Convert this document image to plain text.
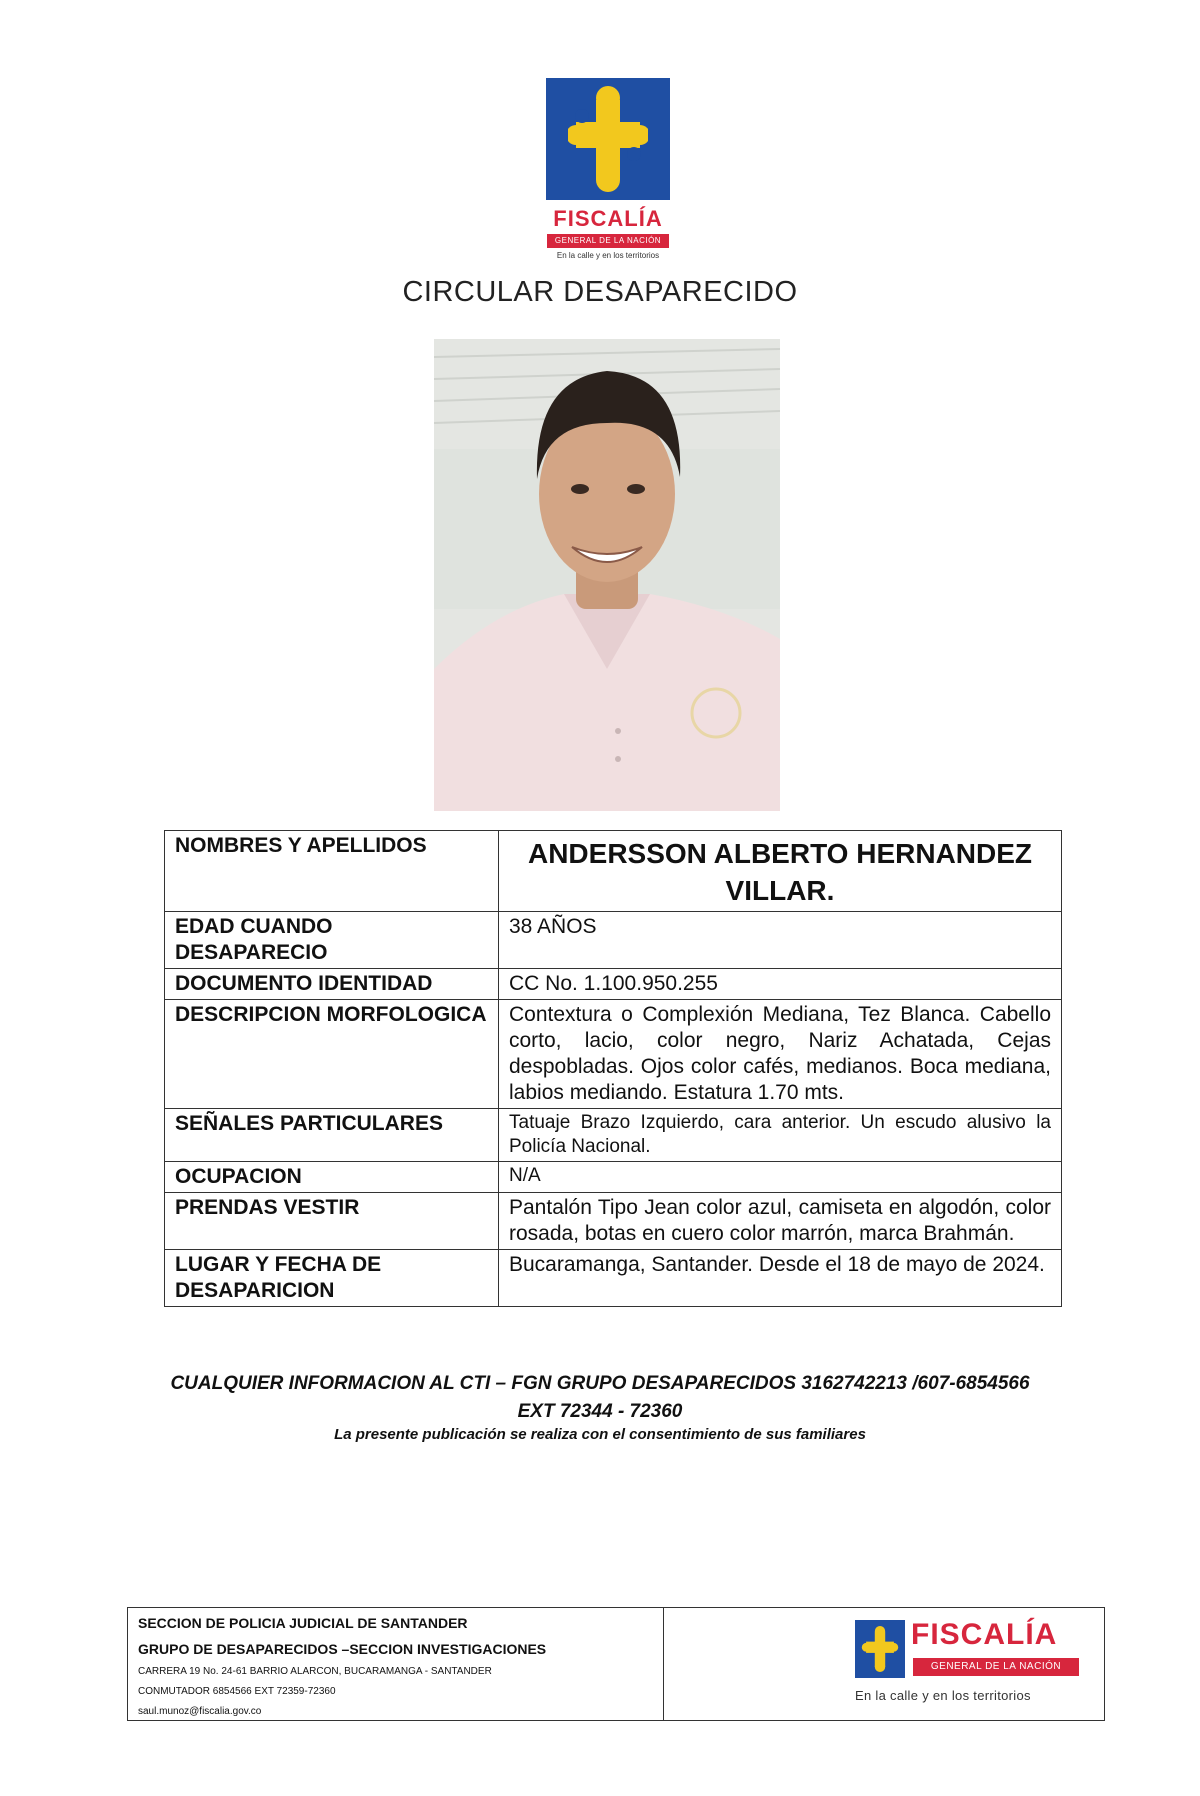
FISCALÍA
GENERAL DE LA NACIÓN
En la calle y en los territorios
CIRCULAR DESAPARECIDO
NOMBRES Y APELLIDOS	ANDERSSON ALBERTO HERNANDEZ VILLAR.
EDAD CUANDO DESAPARECIO	38 AÑOS
DOCUMENTO IDENTIDAD	CC No. 1.100.950.255
DESCRIPCION MORFOLOGICA	Contextura o Complexión Mediana, Tez Blanca. Cabello corto, lacio, color negro, Nariz Achatada, Cejas despobladas. Ojos color cafés, medianos. Boca mediana, labios mediando. Estatura 1.70 mts.
SEÑALES PARTICULARES	Tatuaje Brazo Izquierdo, cara anterior. Un escudo alusivo la Policía Nacional.
OCUPACION	N/A
PRENDAS VESTIR	Pantalón Tipo Jean color azul, camiseta en algodón, color rosada, botas en cuero color marrón, marca Brahmán.
LUGAR Y FECHA DE DESAPARICION	Bucaramanga, Santander. Desde el 18 de mayo de 2024.
CUALQUIER INFORMACION AL CTI – FGN GRUPO DESAPARECIDOS 3162742213 /607-6854566
EXT 72344 - 72360
La presente publicación se realiza con el consentimiento de sus familiares
SECCION DE POLICIA JUDICIAL DE SANTANDER
GRUPO DE DESAPARECIDOS –SECCION INVESTIGACIONES
CARRERA 19 No. 24-61 BARRIO ALARCON, BUCARAMANGA - SANTANDER
CONMUTADOR 6854566 EXT 72359-72360
saul.munoz@fiscalia.gov.co
FISCALÍA
GENERAL DE LA NACIÓN
En la calle y en los territorios
